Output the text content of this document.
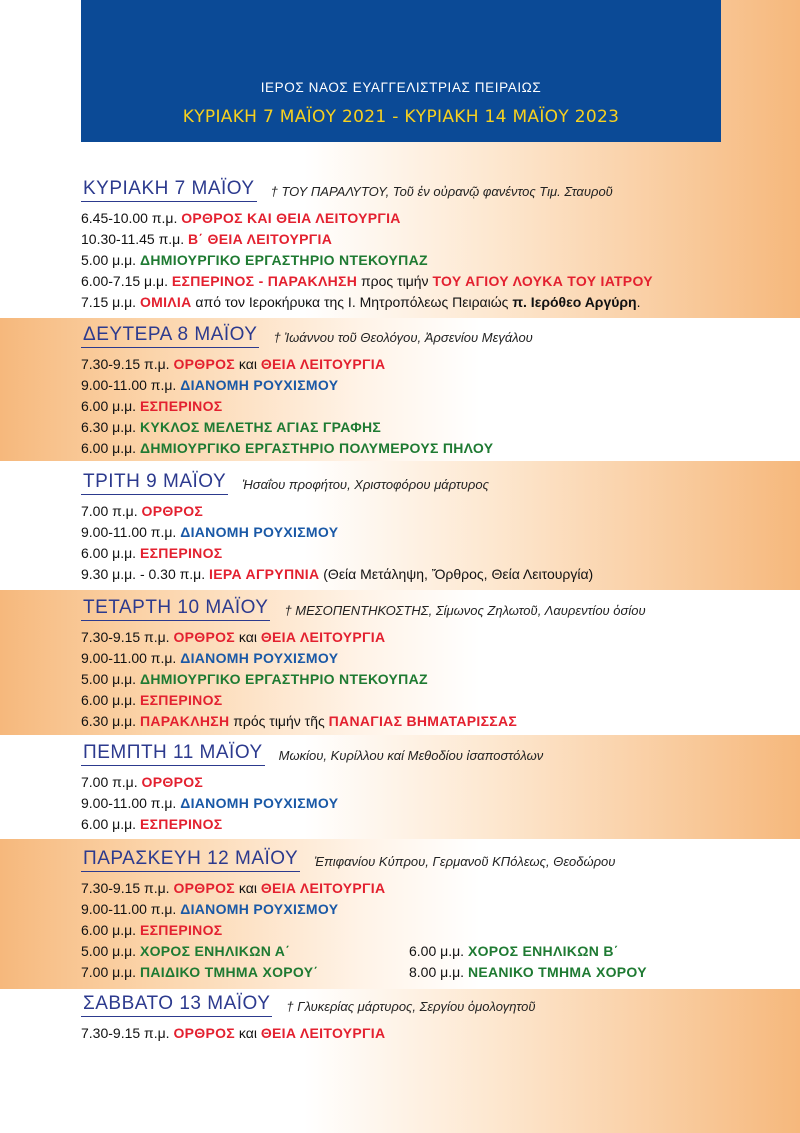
ΙΕΡΟΣ ΝΑΟΣ ΕΥΑΓΓΕΛΙΣΤΡΙΑΣ ΠΕΙΡΑΙΩΣ
ΚΥΡΙΑΚΗ 7 ΜΑΪΟΥ 2021 - ΚΥΡΙΑΚΗ 14 ΜΑΪΟΥ 2023
ΚΥΡΙΑΚΗ 7 ΜΑΪΟΥ † ΤΟΥ ΠΑΡΑΛΥΤΟΥ, Τοῦ ἐν οὐρανῷ φανέντος Τιμ. Σταυροῦ
6.45-10.00 π.μ. ΟΡΘΡΟΣ ΚΑΙ ΘΕΙΑ ΛΕΙΤΟΥΡΓΙΑ
10.30-11.45 π.μ. Β΄ ΘΕΙΑ ΛΕΙΤΟΥΡΓΙΑ
5.00 μ.μ. ΔΗΜΙΟΥΡΓΙΚΟ ΕΡΓΑΣΤΗΡΙΟ ΝΤΕΚΟΥΠΑΖ
6.00-7.15 μ.μ. ΕΣΠΕΡΙΝΟΣ - ΠΑΡΑΚΛΗΣΗ προς τιμήν ΤΟΥ ΑΓΙΟΥ ΛΟΥΚΑ ΤΟΥ ΙΑΤΡΟΥ
7.15 μ.μ. ΟΜΙΛΙΑ από τον Ιεροκήρυκα της Ι. Μητροπόλεως Πειραιώς π. Ιερόθεο Αργύρη.
ΔΕΥΤΕΡΑ 8 ΜΑΪΟΥ † Ἰωάννου τοῦ Θεολόγου, Ἀρσενίου Μεγάλου
7.30-9.15 π.μ. ΟΡΘΡΟΣ και ΘΕΙΑ ΛΕΙΤΟΥΡΓΙΑ
9.00-11.00 π.μ. ΔΙΑΝΟΜΗ ΡΟΥΧΙΣΜΟΥ
6.00 μ.μ. ΕΣΠΕΡΙΝΟΣ
6.30 μ.μ. ΚΥΚΛΟΣ ΜΕΛΕΤΗΣ ΑΓΙΑΣ ΓΡΑΦΗΣ
6.00 μ.μ. ΔΗΜΙΟΥΡΓΙΚΟ ΕΡΓΑΣΤΗΡΙΟ ΠΟΛΥΜΕΡΟΥΣ ΠΗΛΟΥ
ΤΡΙΤΗ 9 ΜΑΪΟΥ Ἡσαΐου προφήτου, Χριστοφόρου μάρτυρος
7.00 π.μ. ΟΡΘΡΟΣ
9.00-11.00 π.μ. ΔΙΑΝΟΜΗ ΡΟΥΧΙΣΜΟΥ
6.00 μ.μ. ΕΣΠΕΡΙΝΟΣ
9.30 μ.μ. - 0.30 π.μ. ΙΕΡΑ ΑΓΡΥΠΝΙΑ (Θεία Μετάληψη, Ὄρθρος, Θεία Λειτουργία)
ΤΕΤΑΡΤΗ 10 ΜΑΪΟΥ † ΜΕΣΟΠΕΝΤΗΚΟΣΤΗΣ, Σίμωνος Ζηλωτοῦ, Λαυρεντίου ὁσίου
7.30-9.15 π.μ. ΟΡΘΡΟΣ και ΘΕΙΑ ΛΕΙΤΟΥΡΓΙΑ
9.00-11.00 π.μ. ΔΙΑΝΟΜΗ ΡΟΥΧΙΣΜΟΥ
5.00 μ.μ. ΔΗΜΙΟΥΡΓΙΚΟ ΕΡΓΑΣΤΗΡΙΟ ΝΤΕΚΟΥΠΑΖ
6.00 μ.μ. ΕΣΠΕΡΙΝΟΣ
6.30 μ.μ. ΠΑΡΑΚΛΗΣΗ πρός τιμήν τῆς ΠΑΝΑΓΙΑΣ ΒΗΜΑΤΑΡΙΣΣΑΣ
ΠΕΜΠΤΗ 11 ΜΑΪΟΥ Μωκίου, Κυρίλλου καί Μεθοδίου ἰσαποστόλων
7.00 π.μ. ΟΡΘΡΟΣ
9.00-11.00 π.μ. ΔΙΑΝΟΜΗ ΡΟΥΧΙΣΜΟΥ
6.00 μ.μ. ΕΣΠΕΡΙΝΟΣ
ΠΑΡΑΣΚΕΥΗ 12 ΜΑΪΟΥ Ἐπιφανίου Κύπρου, Γερμανοῦ ΚΠόλεως, Θεοδώρου
7.30-9.15 π.μ. ΟΡΘΡΟΣ και ΘΕΙΑ ΛΕΙΤΟΥΡΓΙΑ
9.00-11.00 π.μ. ΔΙΑΝΟΜΗ ΡΟΥΧΙΣΜΟΥ
6.00 μ.μ. ΕΣΠΕΡΙΝΟΣ
5.00 μ.μ. ΧΟΡΟΣ ΕΝΗΛΙΚΩΝ Α΄
7.00 μ.μ. ΠΑΙΔΙΚΟ ΤΜΗΜΑ ΧΟΡΟΥ΄
6.00 μ.μ. ΧΟΡΟΣ ΕΝΗΛΙΚΩΝ Β΄
8.00 μ.μ. ΝΕΑΝΙΚΟ ΤΜΗΜΑ ΧΟΡΟΥ
ΣΑΒΒΑΤΟ 13 ΜΑΪΟΥ † Γλυκερίας μάρτυρος, Σεργίου ὁμολογητοῦ
7.30-9.15 π.μ. ΟΡΘΡΟΣ και ΘΕΙΑ ΛΕΙΤΟΥΡΓΙΑ
